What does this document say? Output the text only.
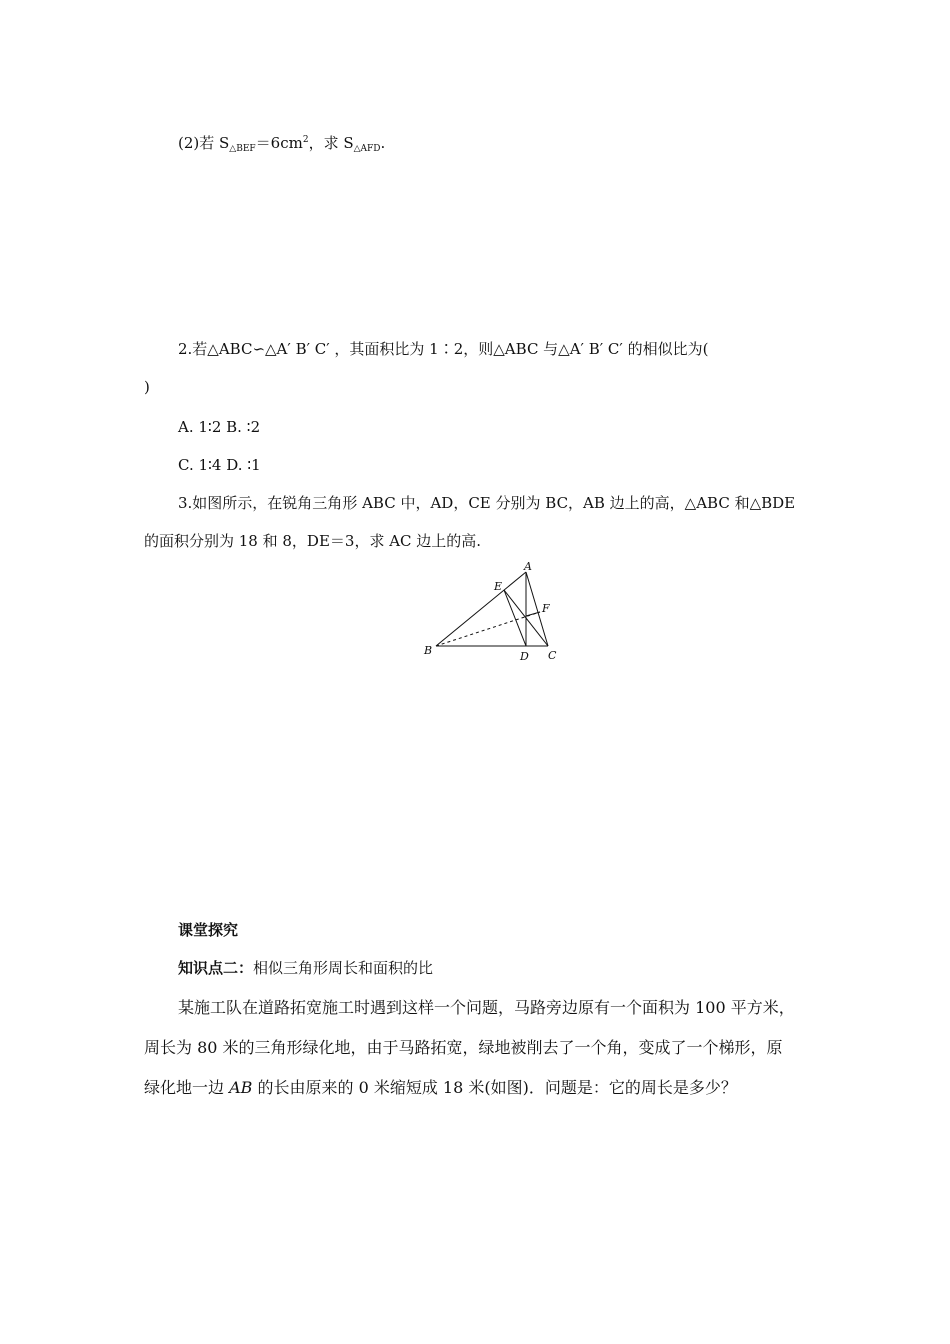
(2)若 $S_{\triangle BEF}=6cm^2$，求 $S_{\triangle AFD}$.
2.若△ABC∽△A′ B′ C′ ，其面积比为 1∶2，则△ABC 与△A′ B′ C′ 的相似比为(
)
A. 1∶2 B. ∶2
C. 1∶4 D. ∶1
3.如图所示，在锐角三角形 ABC 中，AD，CE 分别为 BC，AB 边上的高，△ABC 和△BDE
的面积分别为 18 和 8，DE＝3，求 AC 边上的高.
A
B	C
D
E
F
课堂探究
知识点二：相似三角形周长和面积的比
某施工队在道路拓宽施工时遇到这样一个问题，马路旁边原有一个面积为 100 平方米，
周长为 80 米的三角形绿化地，由于马路拓宽，绿地被削去了一个角，变成了一个梯形，原
绿化地一边 AB 的长由原来的 0 米缩短成 18 米(如图)．问题是：它的周长是多少？
